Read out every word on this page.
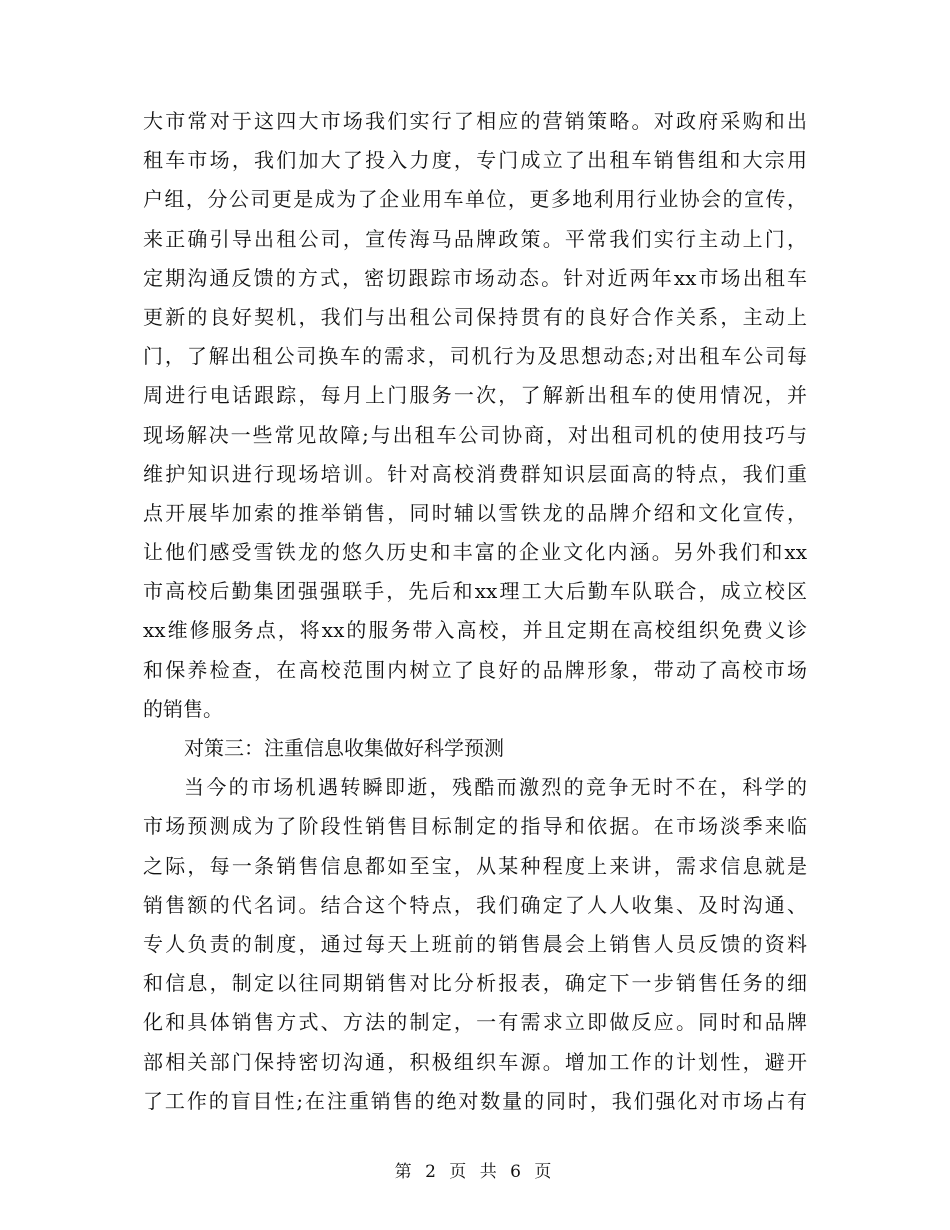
大市常对于这四大市场我们实行了相应的营销策略。对政府采购和出
租车市场，我们加大了投入力度，专门成立了出租车销售组和大宗用
户组，分公司更是成为了企业用车单位，更多地利用行业协会的宣传，
来正确引导出租公司，宣传海马品牌政策。平常我们实行主动上门，
定期沟通反馈的方式，密切跟踪市场动态。针对近两年xx市场出租车
更新的良好契机，我们与出租公司保持贯有的良好合作关系，主动上
门，了解出租公司换车的需求，司机行为及思想动态;对出租车公司每
周进行电话跟踪，每月上门服务一次，了解新出租车的使用情况，并
现场解决一些常见故障;与出租车公司协商，对出租司机的使用技巧与
维护知识进行现场培训。针对高校消费群知识层面高的特点，我们重
点开展毕加索的推举销售，同时辅以雪铁龙的品牌介绍和文化宣传，
让他们感受雪铁龙的悠久历史和丰富的企业文化内涵。另外我们和xx
市高校后勤集团强强联手，先后和xx理工大后勤车队联合，成立校区
xx维修服务点，将xx的服务带入高校，并且定期在高校组织免费义诊
和保养检查，在高校范围内树立了良好的品牌形象，带动了高校市场
的销售。
对策三：注重信息收集做好科学预测
当今的市场机遇转瞬即逝，残酷而激烈的竞争无时不在，科学的
市场预测成为了阶段性销售目标制定的指导和依据。在市场淡季来临
之际，每一条销售信息都如至宝，从某种程度上来讲，需求信息就是
销售额的代名词。结合这个特点，我们确定了人人收集、及时沟通、
专人负责的制度，通过每天上班前的销售晨会上销售人员反馈的资料
和信息，制定以往同期销售对比分析报表，确定下一步销售任务的细
化和具体销售方式、方法的制定，一有需求立即做反应。同时和品牌
部相关部门保持密切沟通，积极组织车源。增加工作的计划性，避开
了工作的盲目性;在注重销售的绝对数量的同时，我们强化对市场占有
第 2 页 共 6 页
